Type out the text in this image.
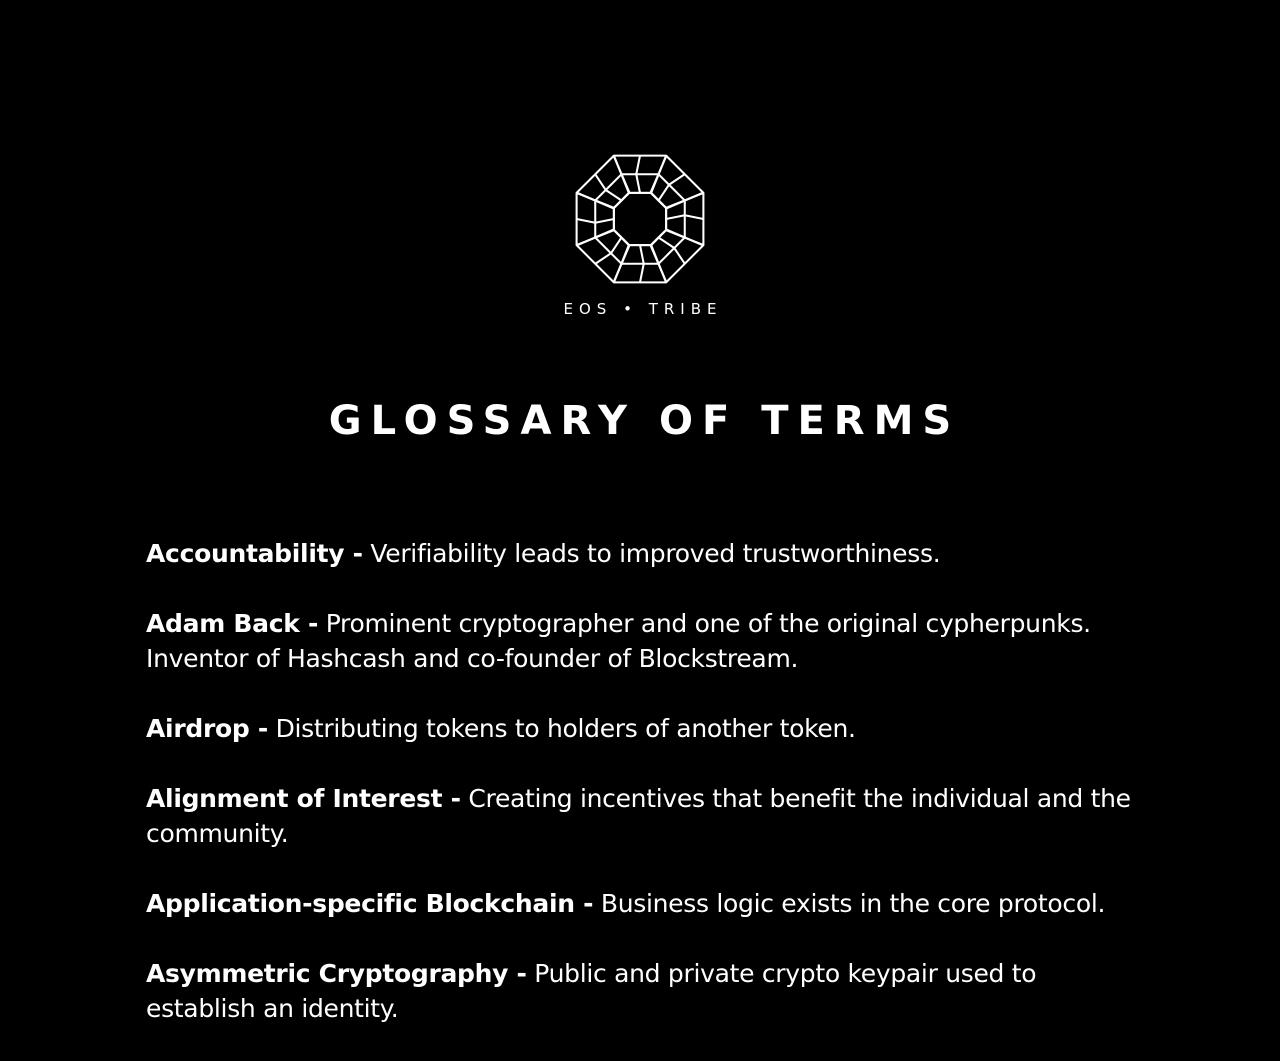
EOS • TRIBE
GLOSSARY OF TERMS
Accountability - Verifiability leads to improved trustworthiness.
Adam Back - Prominent cryptographer and one of the original cypherpunks. Inventor of Hashcash and co-founder of Blockstream.
Airdrop - Distributing tokens to holders of another token.
Alignment of Interest - Creating incentives that benefit the individual and the community.
Application-specific Blockchain - Business logic exists in the core protocol.
Asymmetric Cryptography - Public and private crypto keypair used to establish an identity.
